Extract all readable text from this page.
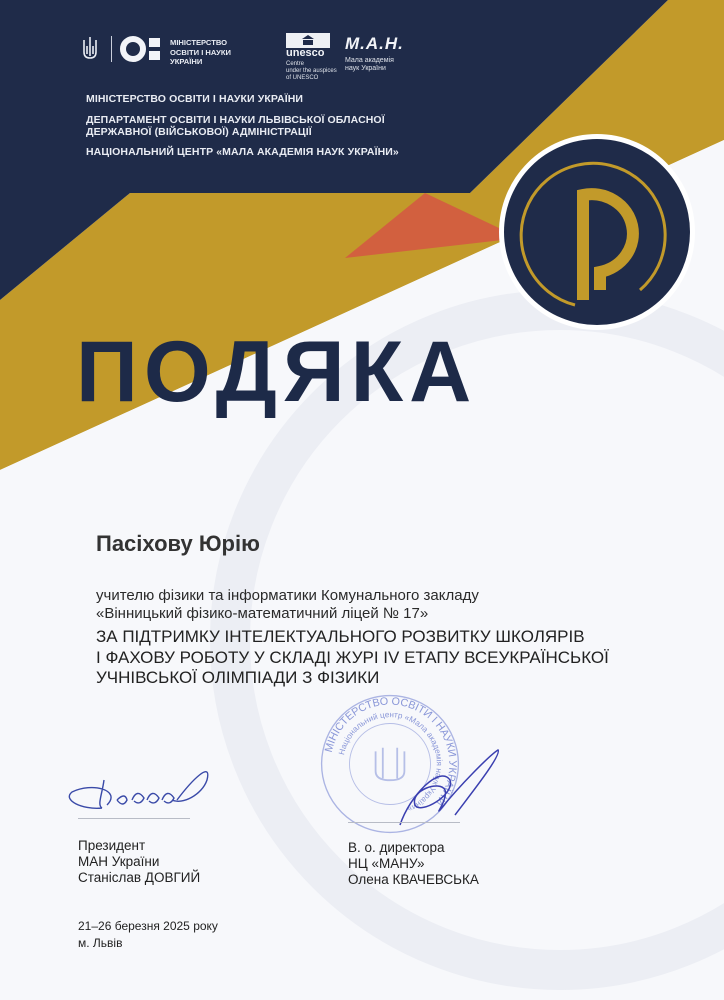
МІНІСТЕРСТВО
ОСВІТИ І НАУКИ
УКРАЇНИ
unesco
Centre
under the auspices
of UNESCO
М.А.Н.
Мала академія
наук України
МІНІСТЕРСТВО ОСВІТИ І НАУКИ УКРАЇНИ
ДЕПАРТАМЕНТ ОСВІТИ І НАУКИ ЛЬВІВСЬКОЇ ОБЛАСНОЇ
ДЕРЖАВНОЇ (ВІЙСЬКОВОЇ) АДМІНІСТРАЦІЇ
НАЦІОНАЛЬНИЙ ЦЕНТР «МАЛА АКАДЕМІЯ НАУК УКРАЇНИ»
ПОДЯКА
Пасіхову Юрію
учителю фізики та інформатики Комунального закладу
«Вінницький фізико-математичний ліцей № 17»
ЗА ПІДТРИМКУ ІНТЕЛЕКТУАЛЬНОГО РОЗВИТКУ ШКОЛЯРІВ
І ФАХОВУ РОБОТУ У СКЛАДІ ЖУРІ IV ЕТАПУ ВСЕУКРАЇНСЬКОЇ
УЧНІВСЬКОЇ ОЛІМПІАДИ З ФІЗИКИ
МІНІСТЕРСТВО ОСВІТИ І НАУКИ УКРАЇНИ
Національний центр «Мала академія наук України»
Президент
МАН України
Станіслав ДОВГИЙ
В. о. директора
НЦ «МАНУ»
Олена КВАЧЕВСЬКА
21–26 березня 2025 року
м. Львів
